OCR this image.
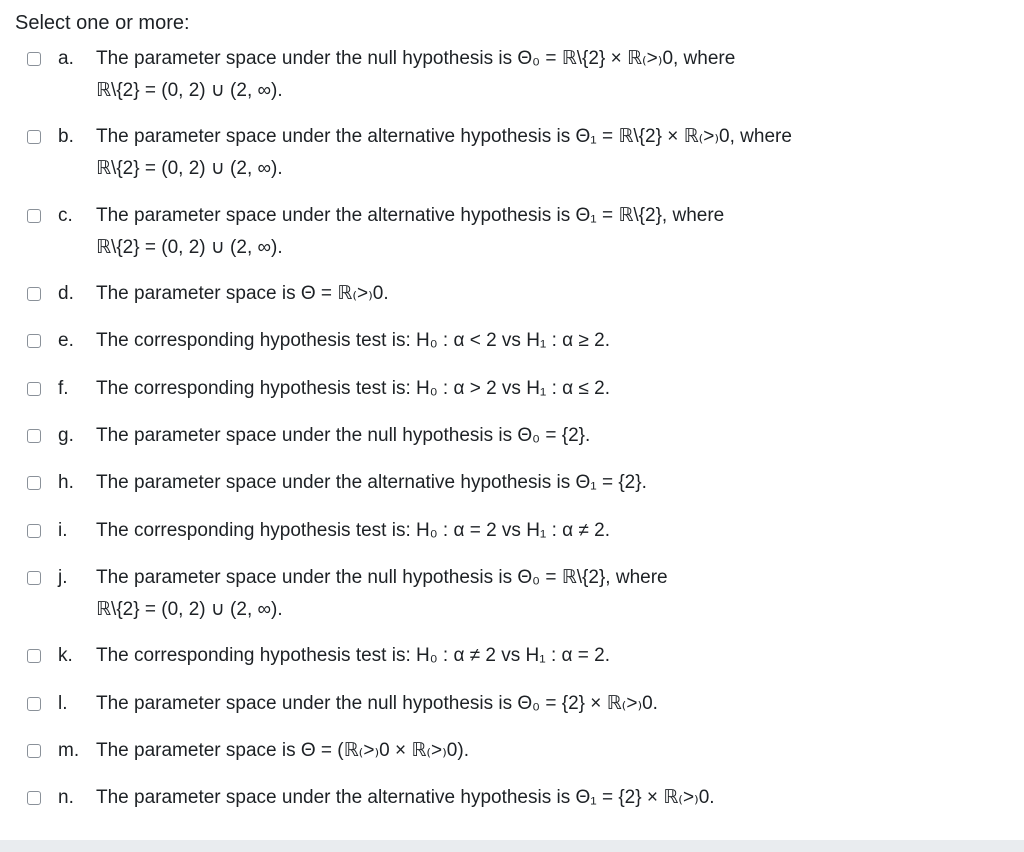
Select one or more:
a. The parameter space under the null hypothesis is Θ₀ = ℝ\{2} × ℝ₍>₎0, where
ℝ\{2} = (0, 2) ∪ (2, ∞).
b. The parameter space under the alternative hypothesis is Θ₁ = ℝ\{2} × ℝ₍>₎0, where
ℝ\{2} = (0, 2) ∪ (2, ∞).
c. The parameter space under the alternative hypothesis is Θ₁ = ℝ\{2}, where
ℝ\{2} = (0, 2) ∪ (2, ∞).
d. The parameter space is Θ = ℝ₍>₎0.
e. The corresponding hypothesis test is: H₀ : α < 2 vs H₁ : α ≥ 2.
f. The corresponding hypothesis test is: H₀ : α > 2 vs H₁ : α ≤ 2.
g. The parameter space under the null hypothesis is Θ₀ = {2}.
h. The parameter space under the alternative hypothesis is Θ₁ = {2}.
i. The corresponding hypothesis test is: H₀ : α = 2 vs H₁ : α ≠ 2.
j. The parameter space under the null hypothesis is Θ₀ = ℝ\{2}, where
ℝ\{2} = (0, 2) ∪ (2, ∞).
k. The corresponding hypothesis test is: H₀ : α ≠ 2 vs H₁ : α = 2.
l. The parameter space under the null hypothesis is Θ₀ = {2} × ℝ₍>₎0.
m. The parameter space is Θ = (ℝ₍>₎0 × ℝ₍>₎0).
n. The parameter space under the alternative hypothesis is Θ₁ = {2} × ℝ₍>₎0.
